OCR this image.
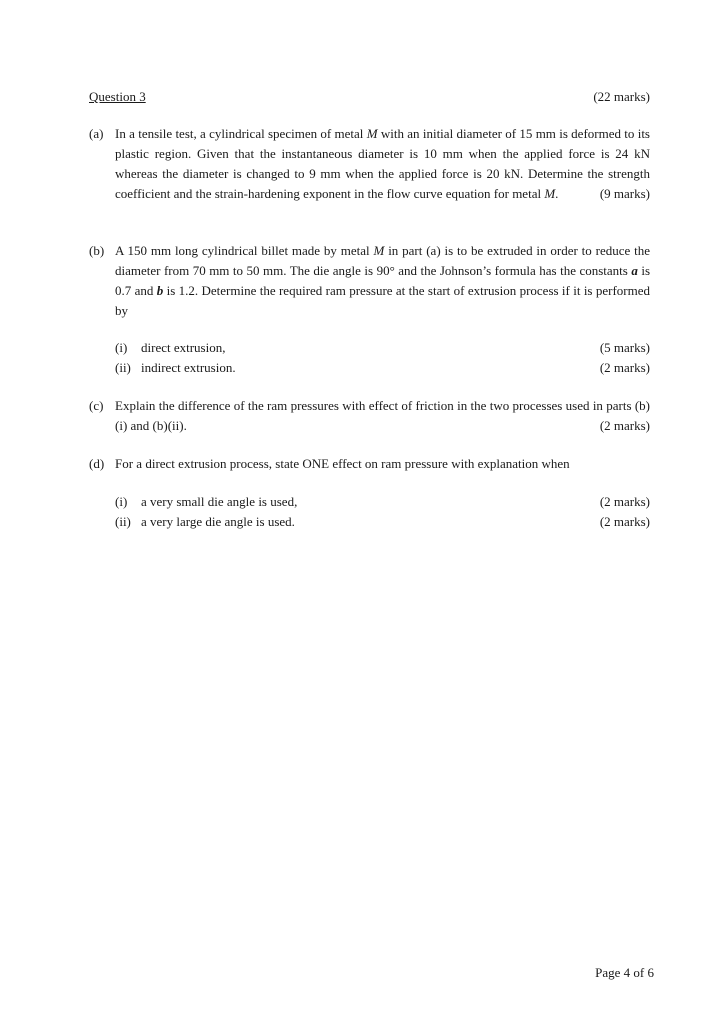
Question 3	(22 marks)
(a) In a tensile test, a cylindrical specimen of metal M with an initial diameter of 15 mm is deformed to its plastic region. Given that the instantaneous diameter is 10 mm when the applied force is 24 kN whereas the diameter is changed to 9 mm when the applied force is 20 kN. Determine the strength coefficient and the strain-hardening exponent in the flow curve equation for metal M.	(9 marks)
(b) A 150 mm long cylindrical billet made by metal M in part (a) is to be extruded in order to reduce the diameter from 70 mm to 50 mm. The die angle is 90° and the Johnson’s formula has the constants a is 0.7 and b is 1.2. Determine the required ram pressure at the start of extrusion process if it is performed by
(i)	direct extrusion,	(5 marks)
(ii) indirect extrusion.	(2 marks)
(c) Explain the difference of the ram pressures with effect of friction in the two processes used in parts (b)(i) and (b)(ii).	(2 marks)
(d) For a direct extrusion process, state ONE effect on ram pressure with explanation when
(i)	a very small die angle is used,	(2 marks)
(ii) a very large die angle is used.	(2 marks)
Page 4 of 6
